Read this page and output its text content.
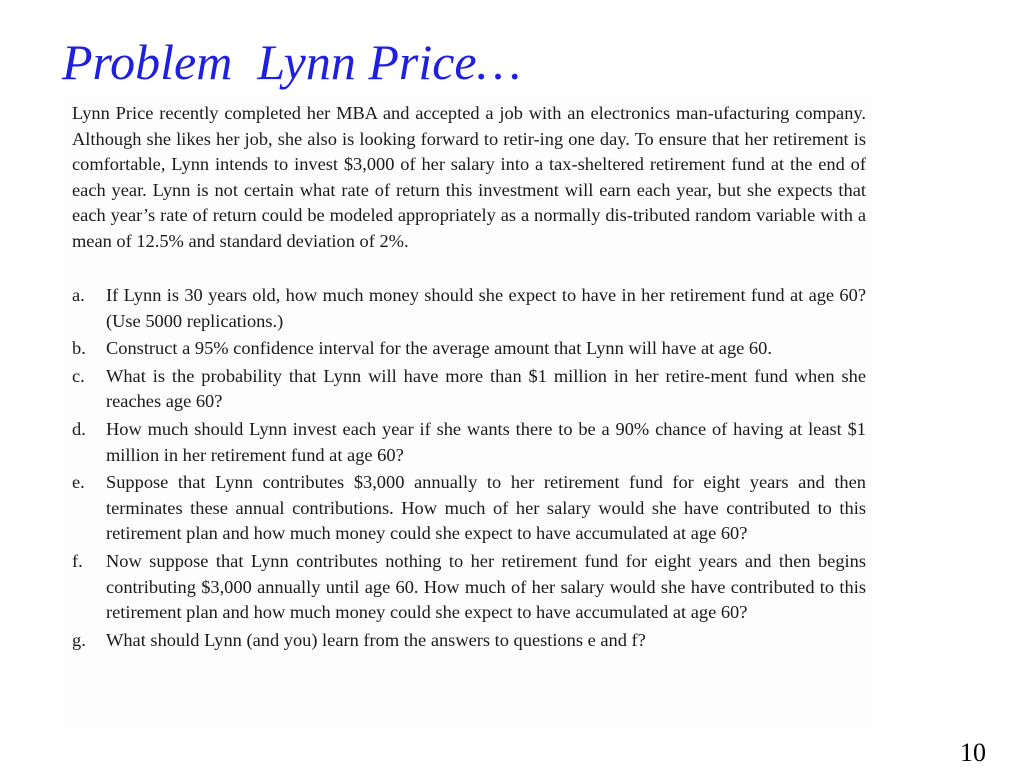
Problem  Lynn Price…

Lynn Price recently completed her MBA and accepted a job with an electronics man-ufacturing company. Although she likes her job, she also is looking forward to retir-ing one day. To ensure that her retirement is comfortable, Lynn intends to invest $3,000 of her salary into a tax-sheltered retirement fund at the end of each year. Lynn is not certain what rate of return this investment will earn each year, but she expects that each year’s rate of return could be modeled appropriately as a normally dis-tributed random variable with a mean of 12.5% and standard deviation of 2%.

a.	If Lynn is 30 years old, how much money should she expect to have in her retirement fund at age 60? (Use 5000 replications.)
b.	Construct a 95% confidence interval for the average amount that Lynn will have at age 60.
c.	What is the probability that Lynn will have more than $1 million in her retire-ment fund when she reaches age 60?
d.	How much should Lynn invest each year if she wants there to be a 90% chance of having at least $1 million in her retirement fund at age 60?
e.	Suppose that Lynn contributes $3,000 annually to her retirement fund for eight years and then terminates these annual contributions. How much of her salary would she have contributed to this retirement plan and how much money could she expect to have accumulated at age 60?
f.	Now suppose that Lynn contributes nothing to her retirement fund for eight years and then begins contributing $3,000 annually until age 60. How much of her salary would she have contributed to this retirement plan and how much money could she expect to have accumulated at age 60?
g.	What should Lynn (and you) learn from the answers to questions e and f?
10
